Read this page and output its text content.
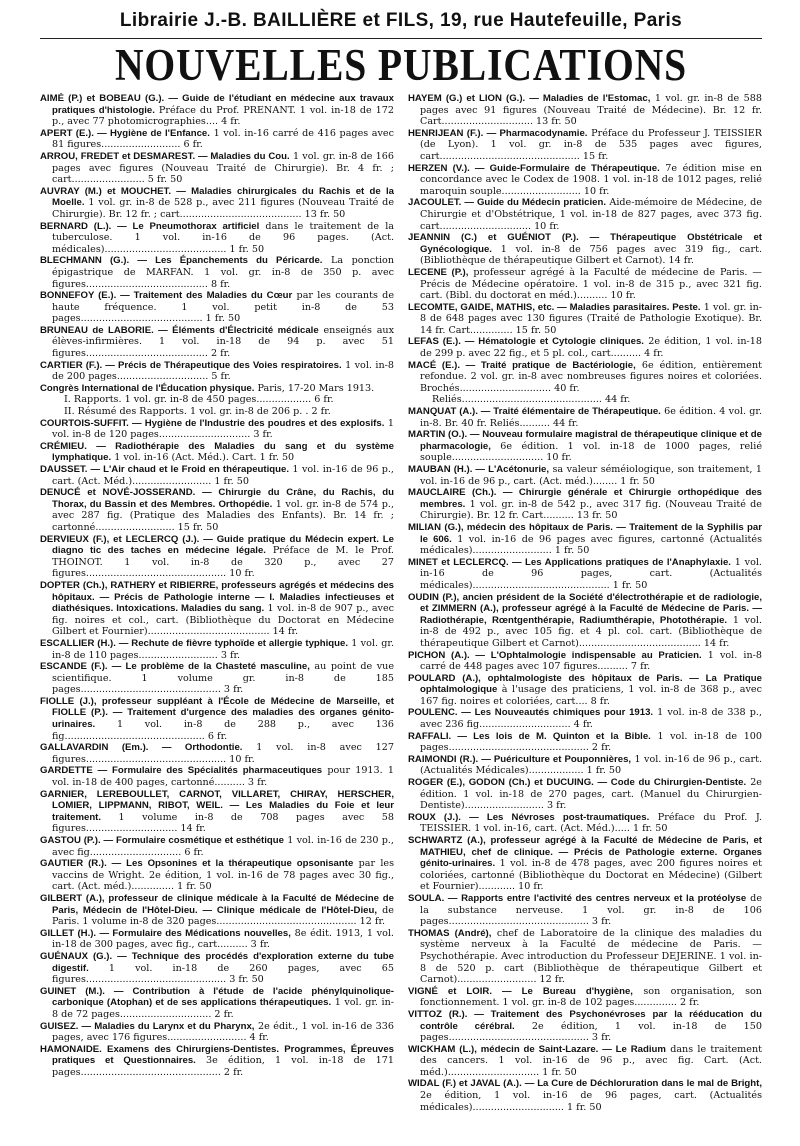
Librairie J.-B. BAILLIÈRE et FILS, 19, rue Hautefeuille, Paris
NOUVELLES PUBLICATIONS

AIMÉ (P.) et BOBEAU (G.). — Guide de l'étudiant en médecine aux travaux pratiques d'histologie. Préface du Prof. PRENANT. 1 vol. in-18 de 172 p., avec 77 photomicrographies.... 4 fr.

APERT (E.). — Hygiène de l'Enfance. 1 vol. in-16 carré de 416 pages avec 81 figures.......................... 6 fr.

ARROU, FREDET et DESMAREST. — Maladies du Cou. 1 vol. gr. in-8 de 166 pages avec figures (Nouveau Traité de Chirurgie). Br. 4 fr. ; cart........................ 5 fr. 50

AUVRAY (M.) et MOUCHET. — Maladies chirurgicales du Rachis et de la Moelle. 1 vol. gr. in-8 de 528 p., avec 211 figures (Nouveau Traité de Chirurgie). Br. 12 fr. ; cart........................................ 13 fr. 50

BERNARD (L.). — Le Pneumothorax artificiel dans le traitement de la tuberculose. 1 vol. in-16 de 96 pages. (Act. médicales)........................................ 1 fr. 50

BLECHMANN (G.). — Les Épanchements du Péricarde. La ponction épigastrique de MARFAN. 1 vol. gr. in-8 de 350 p. avec figures........................................ 8 fr.

BONNEFOY (E.). — Traitement des Maladies du Cœur par les courants de haute fréquence. 1 vol. petit in-8 de 53 pages........................................ 1 fr. 50

BRUNEAU de LABORIE. — Éléments d'Électricité médicale enseignés aux élèves-infirmières. 1 vol. in-18 de 94 p. avec 51 figures........................................ 2 fr.

CARTIER (F.). — Précis de Thérapeutique des Voies respiratoires. 1 vol. in-8 de 200 pages.............................. 5 fr.

Congrès International de l'Éducation physique. Paris, 17-20 Mars 1913.

I. Rapports. 1 vol. gr. in-8 de 450 pages.................. 6 fr.

II. Résumé des Rapports. 1 vol. gr. in-8 de 206 p. . 2 fr.

COURTOIS-SUFFIT. — Hygiène de l'Industrie des poudres et des explosifs. 1 vol. in-8 de 120 pages.............................. 3 fr.

CRÉMIEU. — Radiothérapie des Maladies du sang et du système lymphatique. 1 vol. in-16 (Act. Méd.). Cart. 1 fr. 50

DAUSSET. — L'Air chaud et le Froid en thérapeutique. 1 vol. in-16 de 96 p., cart. (Act. Méd.).......................... 1 fr. 50

DENUCÉ et NOVÉ-JOSSERAND. — Chirurgie du Crâne, du Rachis, du Thorax, du Bassin et des Membres. Orthopédie. 1 vol. gr. in-8 de 574 p., avec 287 fig. (Pratique des Maladies des Enfants). Br. 14 fr. ; cartonné.......................... 15 fr. 50

DERVIEUX (F.), et LECLERCQ (J.). — Guide pratique du Médecin expert. Le diagno tic des taches en médecine légale. Préface de M. le Prof. THOINOT. 1 vol. in-8 de 320 p., avec 27 figures.............................................. 10 fr.

DOPTER (Ch.), RATHERY et RIBIERRE, professeurs agrégés et médecins des hôpitaux. — Précis de Pathologie interne — I. Maladies infectieuses et diathésiques. Intoxications. Maladies du sang. 1 vol. in-8 de 907 p., avec fig. noires et col., cart. (Bibliothèque du Doctorat en Médecine Gilbert et Fournier)........................................ 14 fr.

ESCALLIER (H.). — Rechute de fièvre typhoïde et allergie typhique. 1 vol. gr. in-8 de 110 pages.......................... 3 fr.

ESCANDE (F.). — Le problème de la Chasteté masculine, au point de vue scientifique. 1 volume gr. in-8 de 185 pages.............................................. 3 fr.

FIOLLE (J.), professeur suppléant à l'École de Médecine de Marseille, et FIOLLE (P.). — Traitement d'urgence des maladies des organes génito-urinaires. 1 vol. in-8 de 288 p., avec 136 fig.............................................. 6 fr.

GALLAVARDIN (Em.). — Orthodontie. 1 vol. in-8 avec 127 figures.............................................. 10 fr.

GARDETTE — Formulaire des Spécialités pharmaceutiques pour 1913. 1 vol. in-18 de 400 pages, cartonné.......... 3 fr.

GARNIER, LEREBOULLET, CARNOT, VILLARET, CHIRAY, HERSCHER, LOMIER, LIPPMANN, RIBOT, WEIL. — Les Maladies du Foie et leur traitement. 1 volume in-8 de 708 pages avec 58 figures.............................. 14 fr.

GASTOU (P.). — Formulaire cosmétique et esthétique 1 vol. in-16 de 230 p., avec fig.............................. 6 fr.

GAUTIER (R.). — Les Opsonines et la thérapeutique opsonisante par les vaccins de Wright. 2e édition, 1 vol. in-16 de 78 pages avec 30 fig., cart. (Act. méd.).............. 1 fr. 50

GILBERT (A.), professeur de clinique médicale à la Faculté de Médecine de Paris, Médecin de l'Hôtel-Dieu. — Clinique médicale de l'Hôtel-Dieu, de Paris. 1 volume in-8 de 320 pages.............................................. 12 fr.

GILLET (H.). — Formulaire des Médications nouvelles, 8e édit. 1913, 1 vol. in-18 de 300 pages, avec fig., cart.......... 3 fr.

GUÉNAUX (G.). — Technique des procédés d'exploration externe du tube digestif. 1 vol. in-18 de 260 pages, avec 65 figures.............................................. 3 fr. 50

GUINET (M.). — Contribution à l'étude de l'acide phénylquinolique-carbonique (Atophan) et de ses applications thérapeutiques. 1 vol. gr. in-8 de 72 pages.............................. 2 fr.

GUISEZ. — Maladies du Larynx et du Pharynx, 2e édit., 1 vol. in-16 de 336 pages, avec 176 figures.......................... 4 fr.

HAMONAIDE. Examens des Chirurgiens-Dentistes. Programmes, Épreuves pratiques et Questionnaires. 3e édition, 1 vol. in-18 de 171 pages.............................................. 2 fr.

HAYEM (G.) et LION (G.). — Maladies de l'Estomac, 1 vol. gr. in-8 de 588 pages avec 91 figures (Nouveau Traité de Médecine). Br. 12 fr. Cart.............................. 13 fr. 50

HENRIJEAN (F.). — Pharmacodynamie. Préface du Professeur J. TEISSIER (de Lyon). 1 vol. gr. in-8 de 535 pages avec figures, cart.............................................. 15 fr.

HERZEN (V.). — Guide-Formulaire de Thérapeutique. 7e édition mise en concordance avec le Codex de 1908. 1 vol. in-18 de 1012 pages, relié maroquin souple.......................... 10 fr.

JACOULET. — Guide du Médecin praticien. Aide-mémoire de Médecine, de Chirurgie et d'Obstétrique, 1 vol. in-18 de 827 pages, avec 373 fig. cart.............................. 10 fr.

JEANNIN (C.) et GUÉNIOT (P.). — Thérapeutique Obstétricale et Gynécologique. 1 vol. in-8 de 756 pages avec 319 fig., cart. (Bibliothèque de thérapeutique Gilbert et Carnot). 14 fr.

LECENE (P.), professeur agrégé à la Faculté de médecine de Paris. — Précis de Médecine opératoire. 1 vol. in-8 de 315 p., avec 321 fig. cart. (Bibl. du doctorat en méd.).......... 10 fr.

LECOMTE, GAIDE, MATHIS, etc. — Maladies parasitaires. Peste. 1 vol. gr. in-8 de 648 pages avec 130 figures (Traité de Pathologie Exotique). Br. 14 fr. Cart.............. 15 fr. 50

LEFAS (E.). — Hématologie et Cytologie cliniques. 2e édition, 1 vol. in-18 de 299 p. avec 22 fig., et 5 pl. col., cart.......... 4 fr.

MACÉ (E.). — Traité pratique de Bactériologie, 6e édition, entièrement refondue. 2 vol. gr. in-8 avec nombreuses figures noires et coloriées. Brochés.............................. 40 fr.

Reliés.............................................. 44 fr.

MANQUAT (A.). — Traité élémentaire de Thérapeutique. 6e édition. 4 vol. gr. in-8. Br. 40 fr. Reliés.......... 44 fr.

MARTIN (O.). — Nouveau formulaire magistral de thérapeutique clinique et de pharmacologie, 6e édition. 1 vol. in-18 de 1000 pages, relié souple.............................. 10 fr.

MAUBAN (H.). — L'Acétonurie, sa valeur séméiologique, son traitement, 1 vol. in-16 de 96 p., cart. (Act. méd.)........ 1 fr. 50

MAUCLAIRE (Ch.). — Chirurgie générale et Chirurgie orthopédique des membres. 1 vol. gr. in-8 de 542 p., avec 317 fig. (Nouveau Traité de Chirurgie). Br. 12 fr. Cart.......... 13 fr. 50

MILIAN (G.), médecin des hôpitaux de Paris. — Traitement de la Syphilis par le 606. 1 vol. in-16 de 96 pages avec figures, cartonné (Actualités médicales).......................... 1 fr. 50

MINET et LECLERCQ. — Les Applications pratiques de l'Anaphylaxie. 1 vol. in-16 de 96 pages, cart. (Actualités médicales)............................................. 1 fr. 50

OUDIN (P.), ancien président de la Société d'électrothérapie et de radiologie, et ZIMMERN (A.), professeur agrégé à la Faculté de Médecine de Paris. — Radiothérapie, Rœntgenthérapie, Radiumthérapie, Photothérapie. 1 vol. in-8 de 492 p., avec 105 fig. et 4 pl. col. cart. (Bibliothèque de thérapeutique Gilbert et Carnot)........................................ 14 fr.

PICHON (A.). — L'Ophtalmologie indispensable au Praticien. 1 vol. in-8 carré de 448 pages avec 107 figures.......... 7 fr.

POULARD (A.), ophtalmologiste des hôpitaux de Paris. — La Pratique ophtalmologique à l'usage des praticiens, 1 vol. in-8 de 368 p., avec 167 fig. noires et coloriées, cart.... 8 fr.

POULENC. — Les Nouveautés chimiques pour 1913. 1 vol. in-8 de 338 p., avec 236 fig.............................. 4 fr.

RAFFALI. — Les lois de M. Quinton et la Bible. 1 vol. in-18 de 100 pages.............................................. 2 fr.

RAIMONDI (R.). — Puériculture et Pouponnières, 1 vol. in-16 de 96 p., cart. (Actualités Médicales).................. 1 fr. 50

ROGER (E.), GODON (Ch.) et DUCUING. — Code du Chirurgien-Dentiste. 2e édition. 1 vol. in-18 de 270 pages, cart. (Manuel du Chirurgien-Dentiste).......................... 3 fr.

ROUX (J.). — Les Névroses post-traumatiques. Préface du Prof. J. TEISSIER. 1 vol. in-16, cart. (Act. Méd.)..... 1 fr. 50

SCHWARTZ (A.), professeur agrégé à la Faculté de Médecine de Paris, et MATHIEU, chef de clinique. — Précis de Pathologie externe. Organes génito-urinaires. 1 vol. in-8 de 478 pages, avec 200 figures noires et coloriées, cartonné (Bibliothèque du Doctorat en Médecine) (Gilbert et Fournier)............ 10 fr.

SOULA. — Rapports entre l'activité des centres nerveux et la protéolyse de la substance nerveuse. 1 vol. gr. in-8 de 106 pages.............................................. 3 fr.

THOMAS (André), chef de Laboratoire de la clinique des maladies du système nerveux à la Faculté de médecine de Paris. — Psychothérapie. Avec introduction du Professeur DEJERINE. 1 vol. in-8 de 520 p. cart (Bibliothèque de thérapeutique Gilbert et Carnot).......................... 12 fr.

VIGNÉ et LOIR. — Le Bureau d'hygiène, son organisation, son fonctionnement. 1 vol. gr. in-8 de 102 pages.............. 2 fr.

VITTOZ (R.). — Traitement des Psychonévroses par la rééducation du contrôle cérébral. 2e édition, 1 vol. in-18 de 150 pages.............................................. 3 fr.

WICKHAM (L.), médecin de Saint-Lazare. — Le Radium dans le traitement des cancers. 1 vol. in-16 de 96 p., avec fig. Cart. (Act. méd.).............................. 1 fr. 50

WIDAL (F.) et JAVAL (A.). — La Cure de Déchloruration dans le mal de Bright, 2e édition, 1 vol. in-16 de 96 pages, cart. (Actualités médicales).............................. 1 fr. 50
